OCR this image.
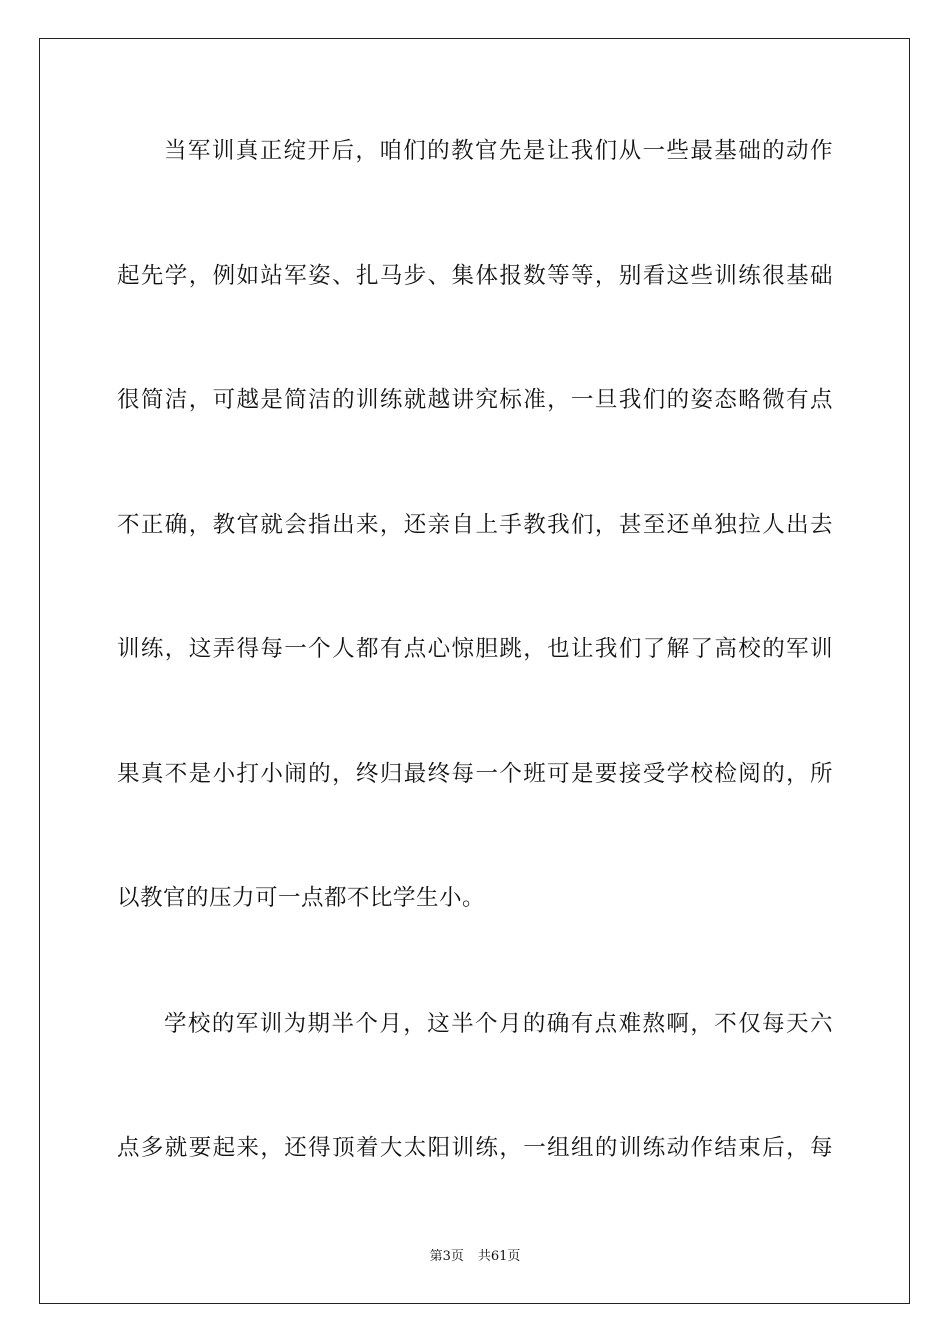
当军训真正绽开后，咱们的教官先是让我们从一些最基础的动作
起先学，例如站军姿、扎马步、集体报数等等，别看这些训练很基础
很简洁，可越是简洁的训练就越讲究标准，一旦我们的姿态略微有点
不正确，教官就会指出来，还亲自上手教我们，甚至还单独拉人出去
训练，这弄得每一个人都有点心惊胆跳，也让我们了解了高校的军训
果真不是小打小闹的，终归最终每一个班可是要接受学校检阅的，所
以教官的压力可一点都不比学生小。
学校的军训为期半个月，这半个月的确有点难熬啊，不仅每天六
点多就要起来，还得顶着大太阳训练，一组组的训练动作结束后，每
第3页 共61页
